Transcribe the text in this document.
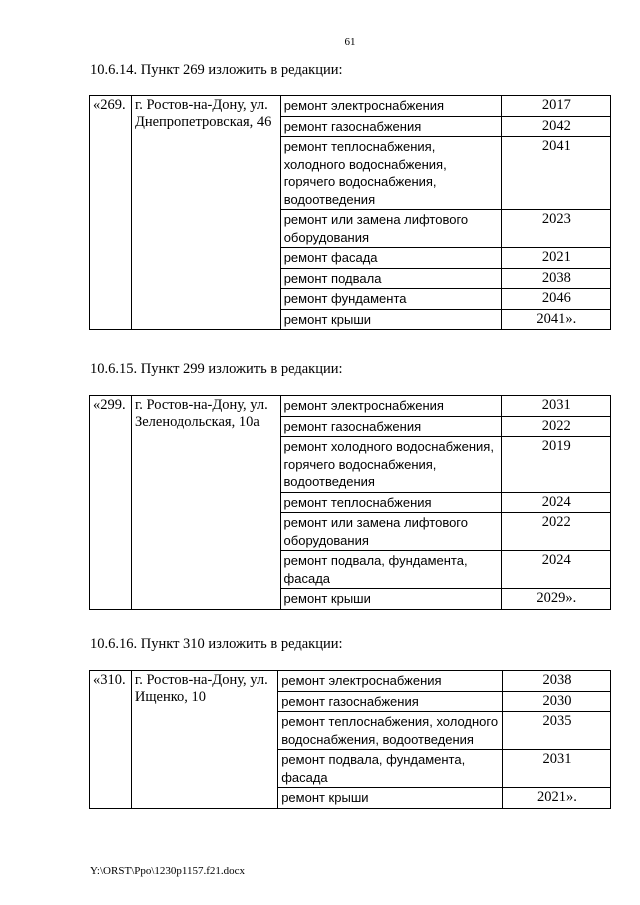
61
10.6.14. Пункт 269 изложить в редакции:
«269.	г. Ростов-на-Дону, ул. Днепропетровская, 46	ремонт электроснабжения	2017
		ремонт газоснабжения	2042
		ремонт теплоснабжения, холодного водоснабжения, горячего водоснабжения, водоотведения	2041
		ремонт или замена лифтового оборудования	2023
		ремонт фасада	2021
		ремонт подвала	2038
		ремонт фундамента	2046
		ремонт крыши	2041».
10.6.15. Пункт 299 изложить в редакции:
«299.	г. Ростов-на-Дону, ул. Зеленодольская, 10а	ремонт электроснабжения	2031
		ремонт газоснабжения	2022
		ремонт холодного водоснабжения, горячего водоснабжения, водоотведения	2019
		ремонт теплоснабжения	2024
		ремонт или замена лифтового оборудования	2022
		ремонт подвала, фундамента, фасада	2024
		ремонт крыши	2029».
10.6.16. Пункт 310 изложить в редакции:
«310.	г. Ростов-на-Дону, ул. Ищенко, 10	ремонт электроснабжения	2038
		ремонт газоснабжения	2030
		ремонт теплоснабжения, холодного водоснабжения, водоотведения	2035
		ремонт подвала, фундамента, фасада	2031
		ремонт крыши	2021».
Y:\ORST\Ppo\1230p1157.f21.docx
